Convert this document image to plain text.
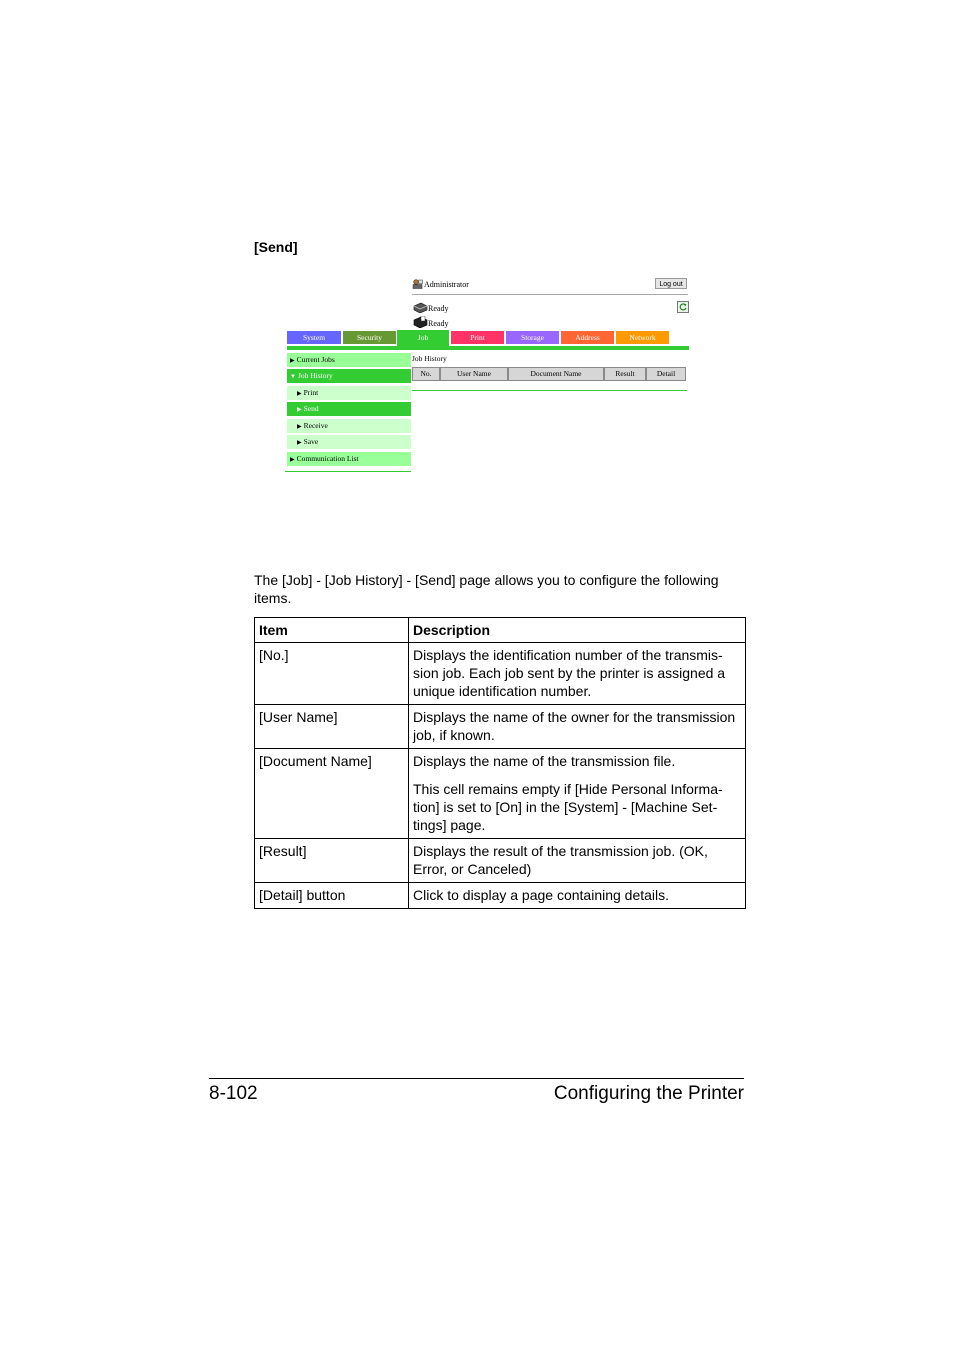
[Send]
Administrator	Log out
Ready
Ready
System	Security	Job	Print	Storage	Address	Network
▶ Current Jobs
▼ Job History
▶ Print
▶ Send
▶ Receive
▶ Save
▶ Communication List
Job History
No.	User Name	Document Name	Result	Detail
The [Job] - [Job History] - [Send] page allows you to configure the following items.
Item	Description
[No.]	Displays the identification number of the transmis-sion job. Each job sent by the printer is assigned a unique identification number.

[User Name]	Displays the name of the owner for the transmission job, if known.

[Document Name]	Displays the name of the transmission file.

This cell remains empty if [Hide Personal Informa-tion] is set to [On] in the [System] - [Machine Set-tings] page.

[Result]	Displays the result of the transmission job. (OK, Error, or Canceled)

[Detail] button	Click to display a page containing details.

8-102	Configuring the Printer
